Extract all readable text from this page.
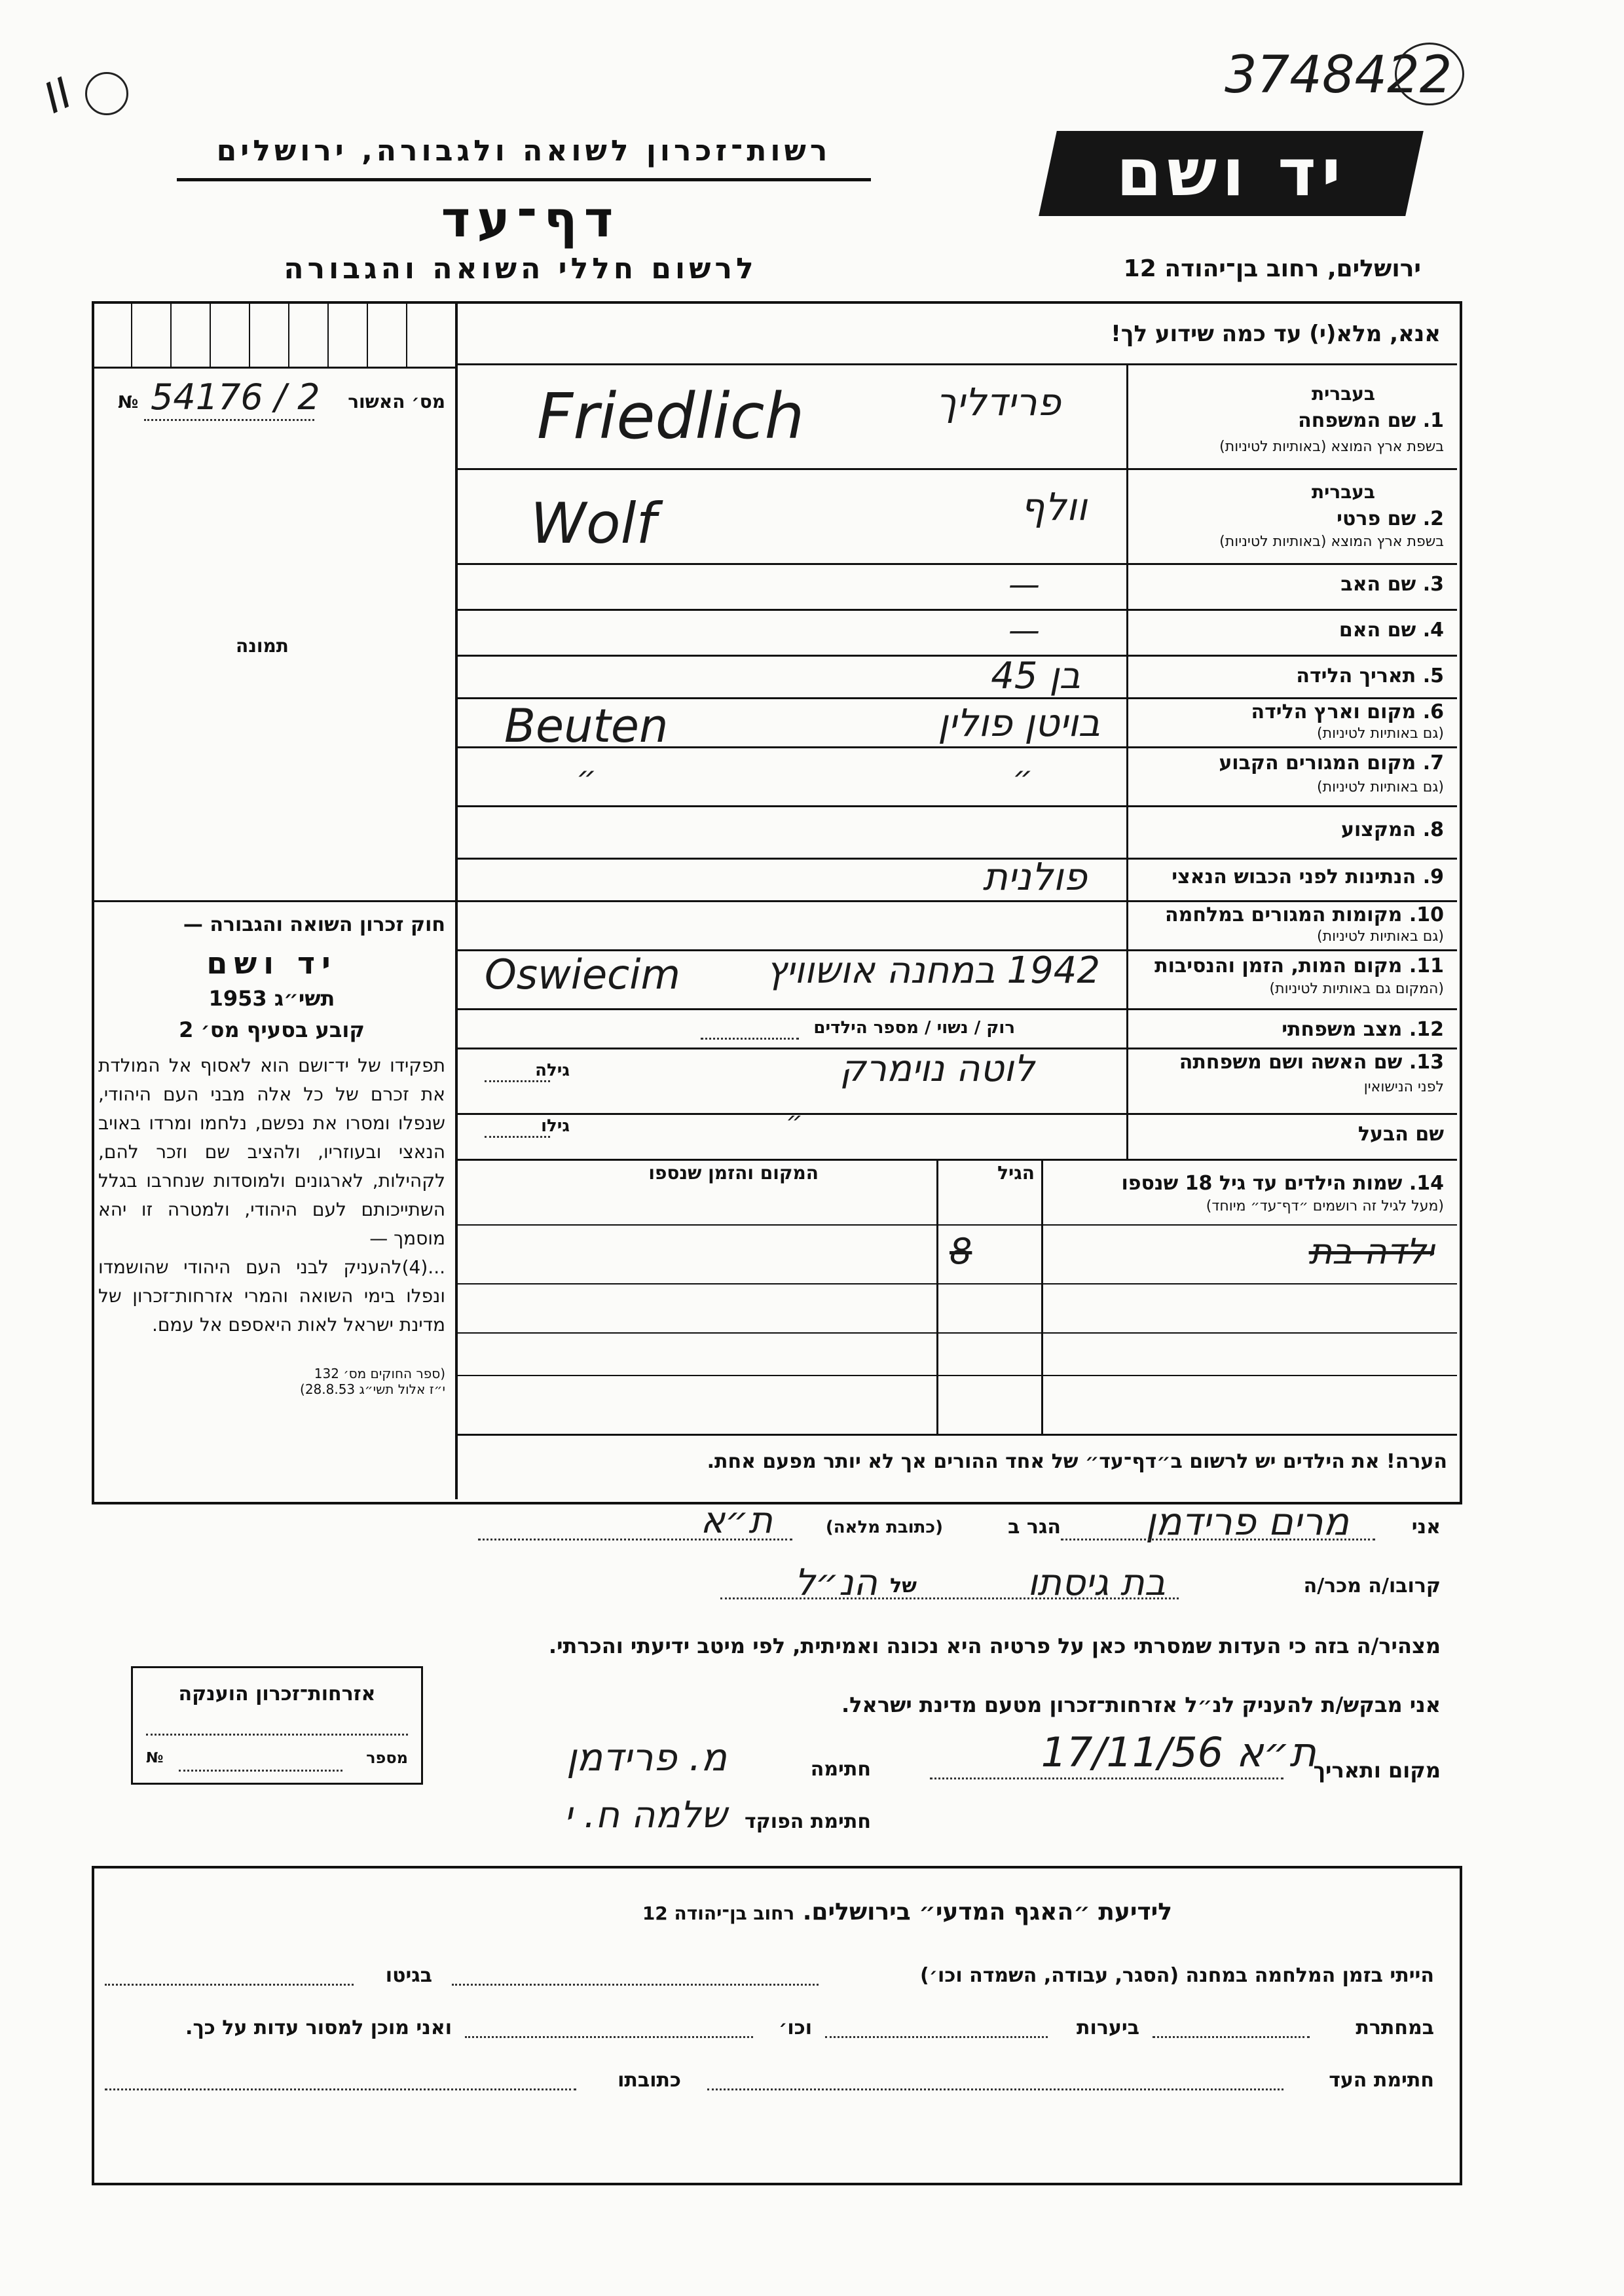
II	3748422
רשות־זכרון לשואה ולגבורה, ירושלים
דף־עד
לרשום חללי השואה והגבורה
יד ושם
ירושלים, רחוב בן־יהודה 12
אנא, מלא(י) עד כמה שידוע לך!
№ 54176 / 2 מס׳ האשור
תמונה
חוק זכרון השואה והגבורה —
יד ושם
תשי״ג 1953
קובע בסעיף מס׳ 2
תפקידו של יד־ושם הוא לאסוף אל המולדת את זכרם של כל אלה מבני העם היהודי, שנפלו ומסרו את נפשם, נלחמו ומרדו באויב הנאצי ובעוזריו, ולהציב שם וזכר להם, לקהילות, לארגונים ולמוסדות שנחרבו בגלל השתייכותם לעם היהודי, ולמטרה זו יהא מוסמך —
...(4)להעניק לבני העם היהודי שהושמדו ונפלו בימי השואה והמרי אזרחות־זכרון של מדינת ישראל לאות היאספם אל עמם.
(ספר החוקים מס׳ 132
י״ז אלול תשי״ג 28.8.53)
בעברית
1. שם המשפחה
בשפת ארץ המוצא (באותיות לטיניות)
פרידליך
Friedlich
בעברית
2. שם פרטי
בשפת ארץ המוצא (באותיות לטיניות)
וולף
Wolf
3. שם האב
—
4. שם האם
—
5. תאריך הלידה
בן 45
6. מקום וארץ הלידה
(גם באותיות לטיניות)
בויטן פולין
Beuten
7. מקום המגורים הקבוע
(גם באותיות לטיניות)
״ ״
8. המקצוע
9. הנתינות לפני הכבוש הנאצי
פולנית
10. מקומות המגורים במלחמה
(גם באותיות לטיניות)
11. מקום המות, הזמן והנסיבות
(המקום גם באותיות לטיניות)
1942 במחנה אושוויץ
Oswiecim
12. מצב משפחתי
רוק / נשוי / מספר הילדים
13. שם האשה ושם משפחתה
לפני הנישואין
לוטה נוימרק
גילה
שם הבעל
״
גילו
14. שמות הילדים עד גיל 18 שנספו
(מעל לגיל זה רושמים ״דף־עד״ מיוחד)
הגיל
המקום והזמן שנספו
ילדה בת
8
הערה! את הילדים יש לרשום ב״דף־עד״ של אחד ההורים אך לא יותר מפעם אחת.
אני
מרים פרידמן
הגר ב
(כתובת מלאה)
ת״א
קרובו/ה מכר/ה
בת גיסתו
של
הנ״ל
מצהיר/ה בזה כי העדות שמסרתי כאן על פרטיה היא נכונה ואמיתית, לפי מיטב ידיעתי והכרתי.
אני מבקש/ת להעניק לנ״ל אזרחות־זכרון מטעם מדינת ישראל.
מקום ותאריך
ת״א 17/11/56
חתימה
מ. פרידמן
חתימת הפוקד
שלמה ח. י
אזרחות־זכרון הוענקה
№	מספר
לידיעת ״האגף המדעי״ בירושלים. רחוב בן־יהודה 12
הייתי בזמן המלחמה במחנה (הסגר, עבודה, השמדה וכו׳)
בגיטו
במחתרת
ביערות
וכו׳
ואני מוכן למסור עדות על כך.
חתימת העד
כתובתו
